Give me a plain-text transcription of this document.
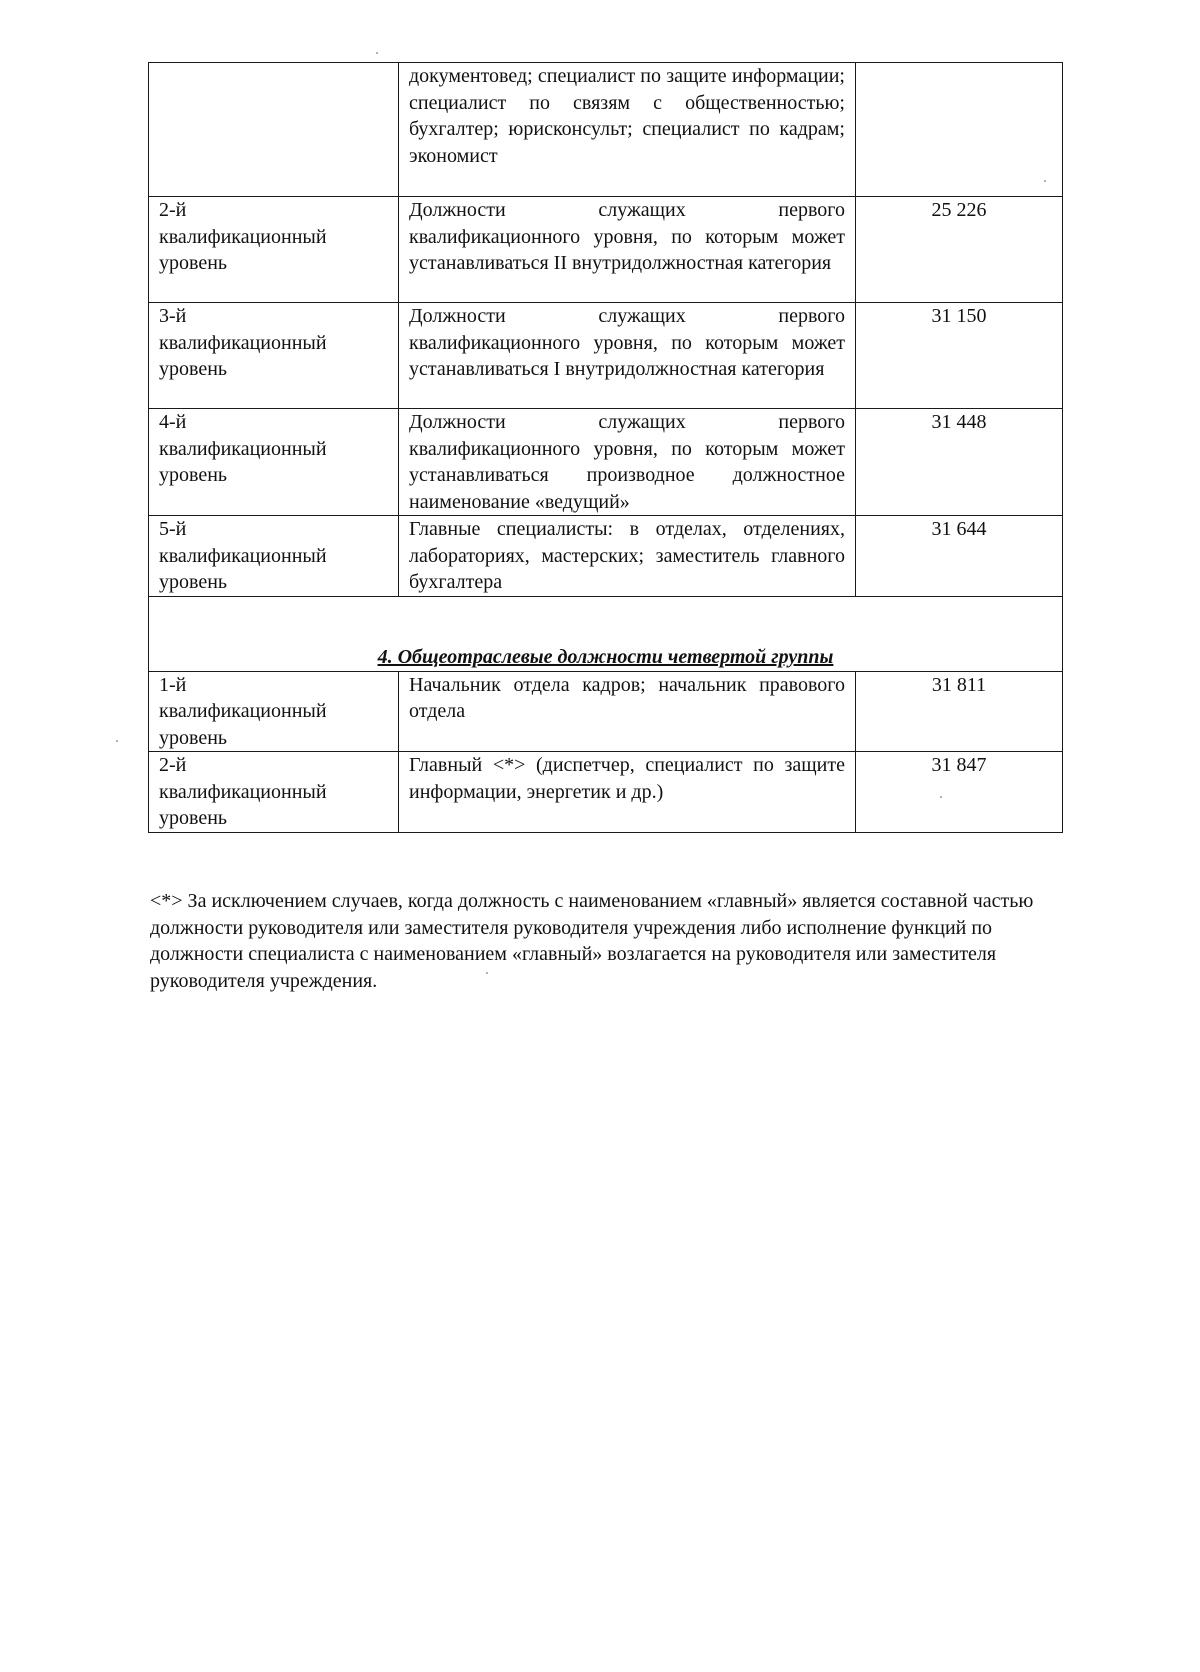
	документовед; специалист по защите информации; специалист по связям с общественностью; бухгалтер; юрисконсульт; специалист по кадрам; экономист	

2-й
квалификационный
уровень	Должности служащих первого квалификационного уровня, по которым может устанавливаться II внутридолжностная категория	25 226

3-й
квалификационный
уровень	Должности служащих первого квалификационного уровня, по которым может устанавливаться I внутридолжностная категория	31 150

4-й
квалификационный
уровень	Должности служащих первого квалификационного уровня, по которым может устанавливаться производное должностное наименование «ведущий»	31 448

5-й
квалификационный
уровень	Главные специалисты: в отделах, отделениях, лабораториях, мастерских; заместитель главного бухгалтера	31 644
4. Общеотраслевые должности четвертой группы		

1-й
квалификационный
уровень	Начальник отдела кадров; начальник правового отдела	31 811

2-й
квалификационный
уровень	Главный <*> (диспетчер, специалист по защите информации, энергетик и др.)	31 847

<*> За исключением случаев, когда должность с наименованием «главный» является составной частью должности руководителя или заместителя руководителя учреждения либо исполнение функций по должности специалиста с наименованием «главный» возлагается на руководителя или заместителя руководителя учреждения.
